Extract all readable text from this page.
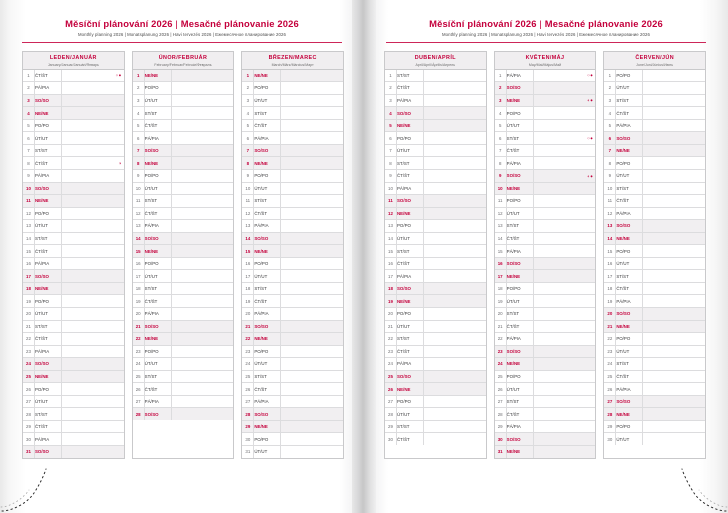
Měsíční plánování 2026 | Mesačné plánovanie 2026
Monthly planning 2026 | Monatsplanung 2026 | Havi tervezés 2026 | Ежемесячное планирование 2026
LEDEN/JANUÁR
January/Januar/Januári/Январь
1	ČT/ŠT	○●

2	PÁ/PIA	
3	SO/SO	
4	NE/NE	
5	PO/PO	
6	ÚT/UT	
7	ST/ST	
8	ČT/ŠT	◑

9	PÁ/PIA	
10	SO/SO	
11	NE/NE	
12	PO/PO	
13	ÚT/UT	
14	ST/ST	
15	ČT/ŠT	
16	PÁ/PIA	
17	SO/SO	
18	NE/NE	
19	PO/PO	
20	ÚT/UT	
21	ST/ST	
22	ČT/ŠT	
23	PÁ/PIA	
24	SO/SO	
25	NE/NE	
26	PO/PO	
27	ÚT/UT	
28	ST/ST	
29	ČT/ŠT	
30	PÁ/PIA	
31	SO/SO	
ÚNOR/FEBRUÁR
February/Februar/Február/Февраль
1	NE/NE	
2	PO/PO	
3	ÚT/UT	
4	ST/ST	
5	ČT/ŠT	
6	PÁ/PIA	
7	SO/SO	
8	NE/NE	
9	PO/PO	
10	ÚT/UT	
11	ST/ST	
12	ČT/ŠT	
13	PÁ/PIA	
14	SO/SO	
15	NE/NE	
16	PO/PO	
17	ÚT/UT	
18	ST/ST	
19	ČT/ŠT	
20	PÁ/PIA	
21	SO/SO	
22	NE/NE	
23	PO/PO	
24	ÚT/UT	
25	ST/ST	
26	ČT/ŠT	
27	PÁ/PIA	
28	SO/SO	
BŘEZEN/MAREC
March/März/Március/Март
1	NE/NE	
2	PO/PO	
3	ÚT/UT	
4	ST/ST	
5	ČT/ŠT	
6	PÁ/PIA	
7	SO/SO	
8	NE/NE	
9	PO/PO	
10	ÚT/UT	
11	ST/ST	
12	ČT/ŠT	
13	PÁ/PIA	
14	SO/SO	
15	NE/NE	
16	PO/PO	
17	ÚT/UT	
18	ST/ST	
19	ČT/ŠT	
20	PÁ/PIA	
21	SO/SO	
22	NE/NE	
23	PO/PO	
24	ÚT/UT	
25	ST/ST	
26	ČT/ŠT	
27	PÁ/PIA	
28	SO/SO	
29	NE/NE	
30	PO/PO	
31	ÚT/UT	
Měsíční plánování 2026 | Mesačné plánovanie 2026
Monthly planning 2026 | Monatsplanung 2026 | Havi tervezés 2026 | Ежемесячное планирование 2026
DUBEN/APRÍL
April/April/Április/Апрель
1	ST/ST	
2	ČT/ŠT	
3	PÁ/PIA	
4	SO/SO	
5	NE/NE	
6	PO/PO	
7	ÚT/UT	
8	ST/ST	
9	ČT/ŠT	
10	PÁ/PIA	
11	SO/SO	
12	NE/NE	
13	PO/PO	
14	ÚT/UT	
15	ST/ST	
16	ČT/ŠT	
17	PÁ/PIA	
18	SO/SO	
19	NE/NE	
20	PO/PO	
21	ÚT/UT	
22	ST/ST	
23	ČT/ŠT	
24	PÁ/PIA	
25	SO/SO	
26	NE/NE	
27	PO/PO	
28	ÚT/UT	
29	ST/ST	
30	ČT/ŠT	
KVĚTEN/MÁJ
May/Mai/Május/Май
1	PÁ/PIA	○●

2	SO/SO	
3	NE/NE	◐●

4	PO/PO	
5	ÚT/UT	
6	ST/ST	○●

7	ČT/ŠT	
8	PÁ/PIA	
9	SO/SO	◐●

10	NE/NE	
11	PO/PO	
12	ÚT/UT	
13	ST/ST	
14	ČT/ŠT	
15	PÁ/PIA	
16	SO/SO	
17	NE/NE	
18	PO/PO	
19	ÚT/UT	
20	ST/ST	
21	ČT/ŠT	
22	PÁ/PIA	
23	SO/SO	
24	NE/NE	
25	PO/PO	
26	ÚT/UT	
27	ST/ST	
28	ČT/ŠT	
29	PÁ/PIA	
30	SO/SO	
31	NE/NE	
ČERVEN/JÚN
June/Juni/Június/Июнь
1	PO/PO	
2	ÚT/UT	
3	ST/ST	
4	ČT/ŠT	
5	PÁ/PIA	
6	SO/SO	
7	NE/NE	
8	PO/PO	
9	ÚT/UT	
10	ST/ST	
11	ČT/ŠT	
12	PÁ/PIA	
13	SO/SO	
14	NE/NE	
15	PO/PO	
16	ÚT/UT	
17	ST/ST	
18	ČT/ŠT	
19	PÁ/PIA	
20	SO/SO	
21	NE/NE	
22	PO/PO	
23	ÚT/UT	
24	ST/ST	
25	ČT/ŠT	
26	PÁ/PIA	
27	SO/SO	
28	NE/NE	
29	PO/PO	
30	ÚT/UT	
